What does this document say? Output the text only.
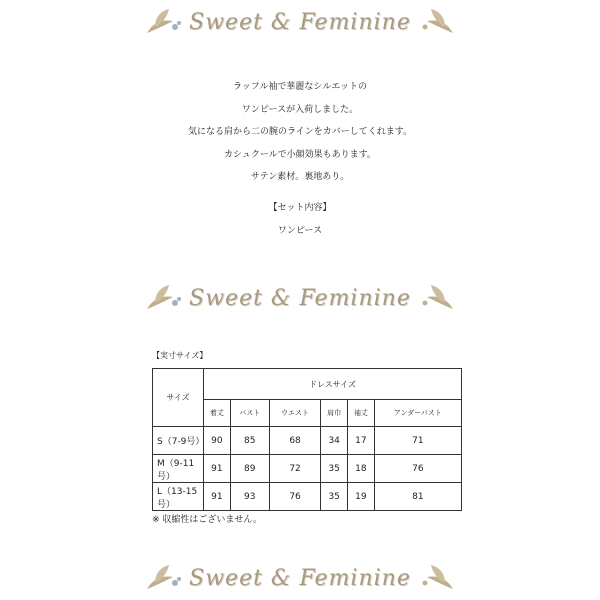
Sweet & Feminine
ラッフル袖で華麗なシルエットの
ワンピースが入荷しました。
気になる肩から二の腕のラインをカバーしてくれます。
カシュクールで小顔効果もあります。
サテン素材。裏地あり。
【セット内容】
ワンピース
Sweet & Feminine
【実寸サイズ】
サイズ	ドレスサイズ					
	着丈	バスト	ウエスト	肩巾	袖丈	アンダーバスト
S（7-9号）	90	85	68	34	17	71
M（9-11号）	91	89	72	35	18	76
L（13-15号）	91	93	76	35	19	81
※ 収縮性はございません。
Sweet & Feminine
